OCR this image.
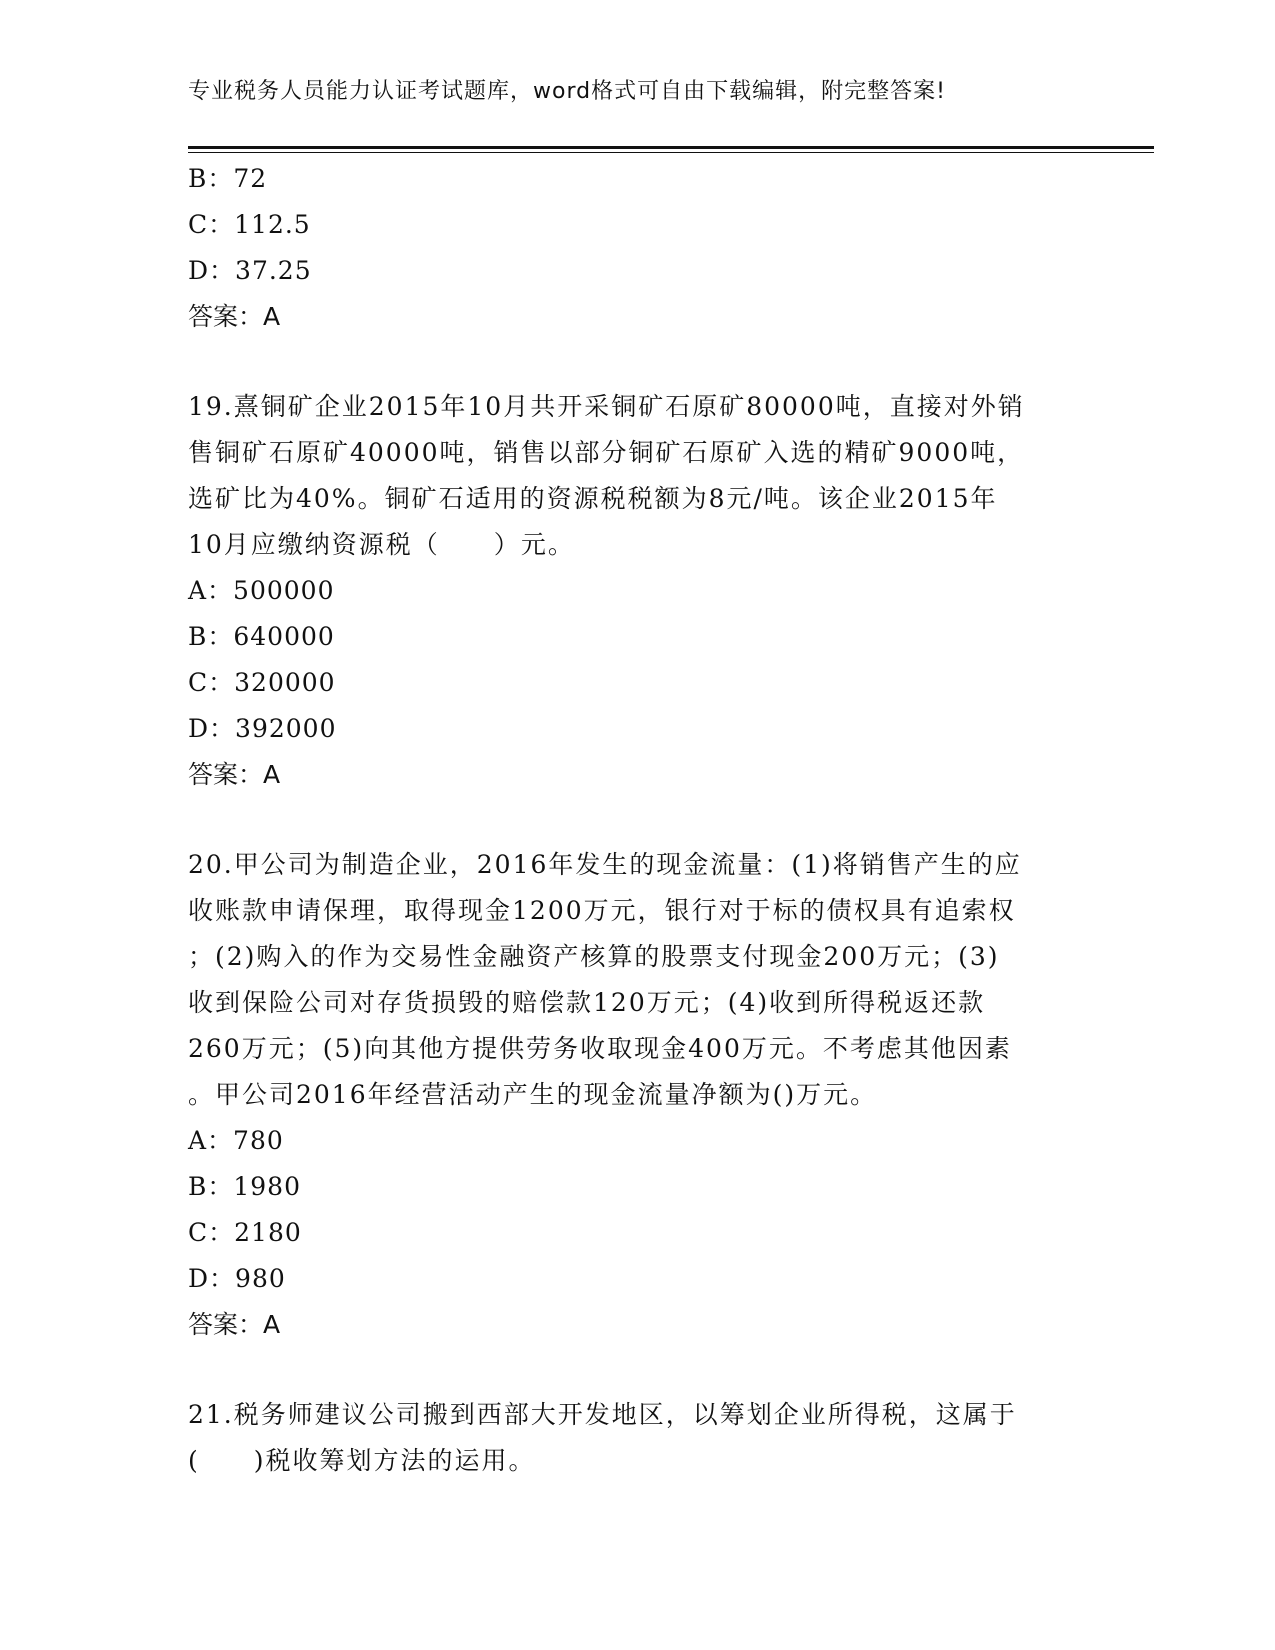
专业税务人员能力认证考试题库，word格式可自由下载编辑，附完整答案!
B：72
C：112.5
D：37.25
答案：A
19.熹铜矿企业2015年10月共开采铜矿石原矿80000吨，直接对外销
售铜矿石原矿40000吨，销售以部分铜矿石原矿入选的精矿9000吨，
选矿比为40%。铜矿石适用的资源税税额为8元/吨。该企业2015年
10月应缴纳资源税（　　）元。
A：500000
B：640000
C：320000
D：392000
答案：A
20.甲公司为制造企业，2016年发生的现金流量：(1)将销售产生的应
收账款申请保理，取得现金1200万元，银行对于标的债权具有追索权
；(2)购入的作为交易性金融资产核算的股票支付现金200万元；(3)
收到保险公司对存货损毁的赔偿款120万元；(4)收到所得税返还款
260万元；(5)向其他方提供劳务收取现金400万元。不考虑其他因素
。甲公司2016年经营活动产生的现金流量净额为()万元。
A：780
B：1980
C：2180
D：980
答案：A
21.税务师建议公司搬到西部大开发地区，以筹划企业所得税，这属于
(　　)税收筹划方法的运用。
